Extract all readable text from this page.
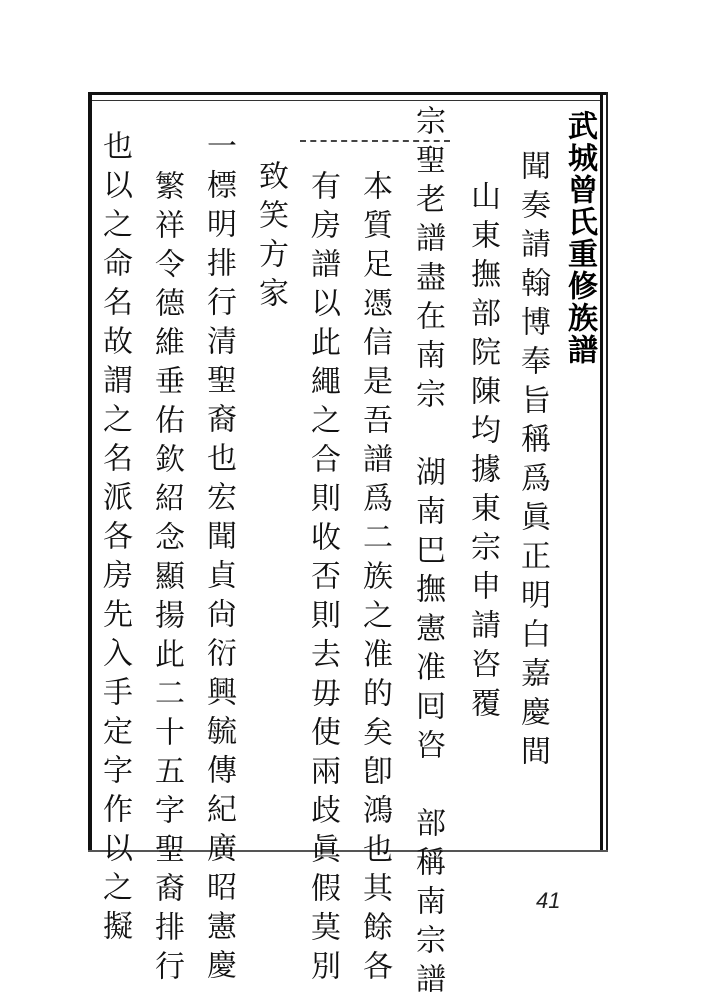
武城曾氏重修族譜
聞奏請翰博奉旨稱爲眞正明白嘉慶間
山東撫部院陳均據東宗申請咨覆
宗聖老譜盡在南宗　湖南巴撫憲准囘咨　部稱南宗譜
本質足憑信是吾譜爲二族之准的矣卽鴻也其餘各
有房譜以此繩之合則收否則去毋使兩歧眞假莫別
致笑方家
一標明排行清聖裔也宏聞貞尙衍興毓傳紀廣昭憲慶
繁祥令德維垂佑欽紹念顯揚此二十五字聖裔排行
也以之命名故謂之名派各房先入手定字作以之擬	41
